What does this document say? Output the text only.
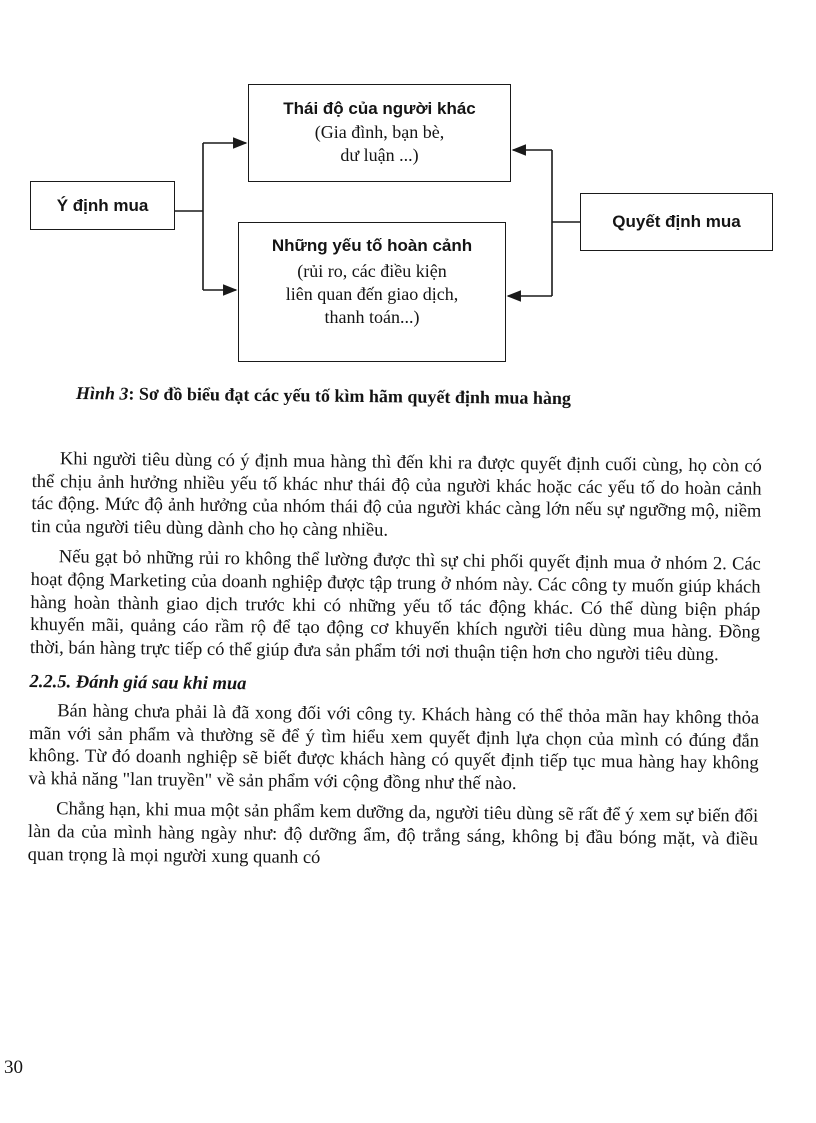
Ý định mua
Thái độ của người khác
(Gia đình, bạn bè,
dư luận ...)
Những yếu tố hoàn cảnh
(rủi ro, các điều kiện
liên quan đến giao dịch,
thanh toán...)
Quyết định mua
Hình 3: Sơ đồ biểu đạt các yếu tố kìm hãm quyết định mua hàng

Khi người tiêu dùng có ý định mua hàng thì đến khi ra được quyết định cuối cùng, họ còn có thể chịu ảnh hưởng nhiều yếu tố khác như thái độ của người khác hoặc các yếu tố do hoàn cảnh tác động. Mức độ ảnh hưởng của nhóm thái độ của người khác càng lớn nếu sự ngưỡng mộ, niềm tin của người tiêu dùng dành cho họ càng nhiều.

Nếu gạt bỏ những rủi ro không thể lường được thì sự chi phối quyết định mua ở nhóm 2. Các hoạt động Marketing của doanh nghiệp được tập trung ở nhóm này. Các công ty muốn giúp khách hàng hoàn thành giao dịch trước khi có những yếu tố tác động khác. Có thể dùng biện pháp khuyến mãi, quảng cáo rầm rộ để tạo động cơ khuyến khích người tiêu dùng mua hàng. Đồng thời, bán hàng trực tiếp có thể giúp đưa sản phẩm tới nơi thuận tiện hơn cho người tiêu dùng.

2.2.5. Đánh giá sau khi mua

Bán hàng chưa phải là đã xong đối với công ty. Khách hàng có thể thỏa mãn hay không thỏa mãn với sản phẩm và thường sẽ để ý tìm hiểu xem quyết định lựa chọn của mình có đúng đắn không. Từ đó doanh nghiệp sẽ biết được khách hàng có quyết định tiếp tục mua hàng hay không và khả năng "lan truyền" về sản phẩm với cộng đồng như thế nào.

Chẳng hạn, khi mua một sản phẩm kem dưỡng da, người tiêu dùng sẽ rất để ý xem sự biến đổi làn da của mình hàng ngày như: độ dưỡng ẩm, độ trắng sáng, không bị đầu bóng mặt, và điều quan trọng là mọi người xung quanh có

30
